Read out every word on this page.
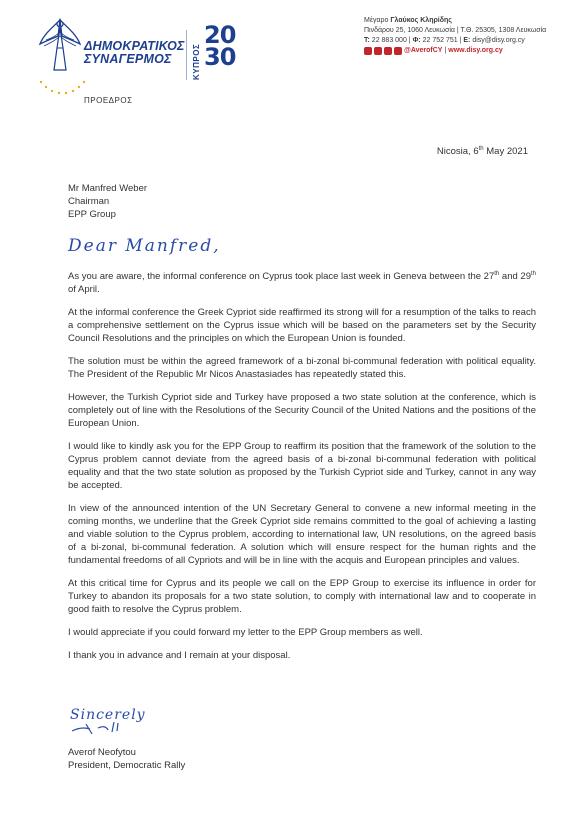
ΔΗΜΟΚΡΑΤΙΚΟΣ
ΣΥΝΑΓΕΡΜΟΣ
ΠΡΟΕΔΡΟΣ
ΚΥΠΡΟΣ
20
30
Μέγαρο Γλαύκος Κληρίδης
Πινδάρου 25, 1060 Λευκωσία | Τ.Θ. 25305, 1308 Λευκωσία
Τ: 22 883 000 | Φ: 22 752 751 | E: disy@disy.org.cy
@AverofCY | www.disy.org.cy
Nicosia, 6th May 2021
Mr Manfred Weber
Chairman
EPP Group
Dear Manfred,

As you are aware, the informal conference on Cyprus took place last week in Geneva between the 27th and 29th of April.

At the informal conference the Greek Cypriot side reaffirmed its strong will for a resumption of the talks to reach a comprehensive settlement on the Cyprus issue which will be based on the parameters set by the Security Council Resolutions and the principles on which the European Union is founded.

The solution must be within the agreed framework of a bi-zonal bi-communal federation with political equality. The President of the Republic Mr Nicos Anastasiades has repeatedly stated this.

However, the Turkish Cypriot side and Turkey have proposed a two state solution at the conference, which is completely out of line with the Resolutions of the Security Council of the United Nations and the positions of the European Union.

I would like to kindly ask you for the EPP Group to reaffirm its position that the framework of the solution to the Cyprus problem cannot deviate from the agreed basis of a bi-zonal bi-communal federation with political equality and that the two state solution as proposed by the Turkish Cypriot side and Turkey, cannot in any way be accepted.

In view of the announced intention of the UN Secretary General to convene a new informal meeting in the coming months, we underline that the Greek Cypriot side remains committed to the goal of achieving a lasting and viable solution to the Cyprus problem, according to international law, UN resolutions, on the agreed basis of a bi-zonal, bi-communal federation. A solution which will ensure respect for the human rights and the fundamental freedoms of all Cypriots and will be in line with the acquis and European principles and values.

At this critical time for Cyprus and its people we call on the EPP Group to exercise its influence in order for Turkey to abandon its proposals for a two state solution, to comply with international law and to cooperate in good faith to resolve the Cyprus problem.

I would appreciate if you could forward my letter to the EPP Group members as well.

I thank you in advance and I remain at your disposal.

Sincerely
Averof Neofytou
President, Democratic Rally
